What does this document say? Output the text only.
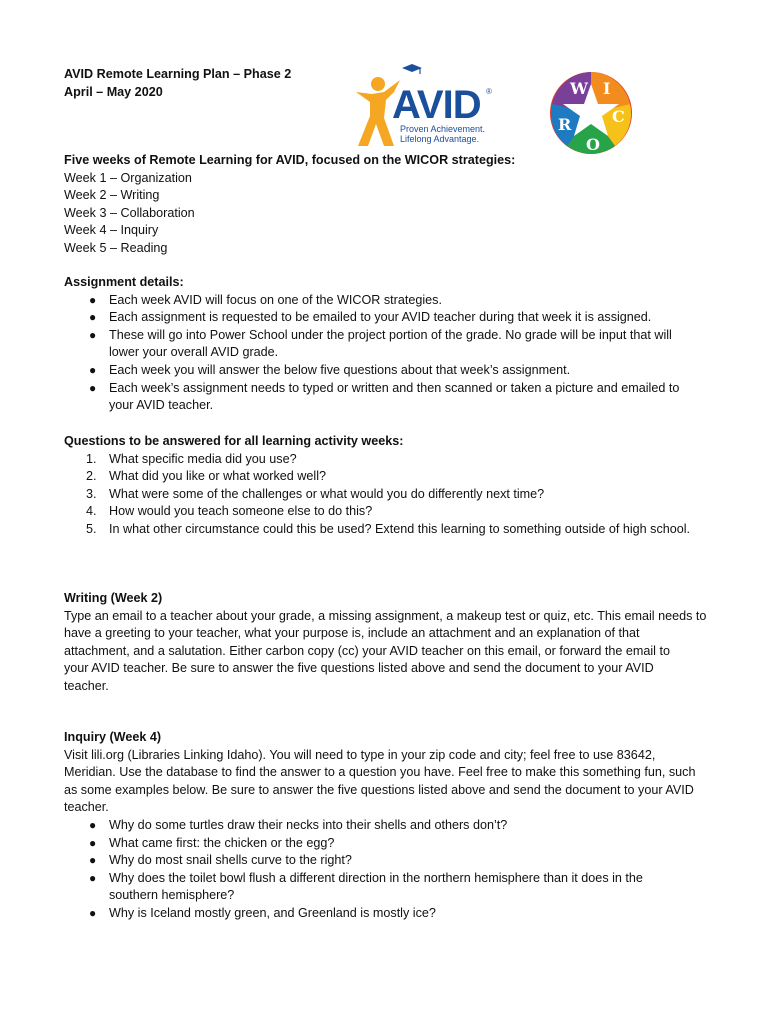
AVID Remote Learning Plan – Phase 2
April – May 2020	AVID ®
Proven Achievement.
Lifelong Advantage.
W I
C
O
R
Five weeks of Remote Learning for AVID, focused on the WICOR strategies:
Week 1 – Organization
Week 2 – Writing
Week 3 – Collaboration
Week 4 – Inquiry
Week 5 – Reading
Assignment details:
● Each week AVID will focus on one of the WICOR strategies.
● Each assignment is requested to be emailed to your AVID teacher during that week it is assigned.
● These will go into Power School under the project portion of the grade. No grade will be input that will
lower your overall AVID grade.
● Each week you will answer the below five questions about that week’s assignment.
● Each week’s assignment needs to typed or written and then scanned or taken a picture and emailed to
your AVID teacher.
Questions to be answered for all learning activity weeks:
1. What specific media did you use?
2. What did you like or what worked well?
3. What were some of the challenges or what would you do differently next time?
4. How would you teach someone else to do this?
5. In what other circumstance could this be used? Extend this learning to something outside of high school.
Writing (Week 2)
Type an email to a teacher about your grade, a missing assignment, a makeup test or quiz, etc. This email needs to
have a greeting to your teacher, what your purpose is, include an attachment and an explanation of that
attachment, and a salutation. Either carbon copy (cc) your AVID teacher on this email, or forward the email to
your AVID teacher. Be sure to answer the five questions listed above and send the document to your AVID
teacher.
Inquiry (Week 4)
Visit lili.org (Libraries Linking Idaho). You will need to type in your zip code and city; feel free to use 83642,
Meridian. Use the database to find the answer to a question you have. Feel free to make this something fun, such
as some examples below. Be sure to answer the five questions listed above and send the document to your AVID
teacher.
● Why do some turtles draw their necks into their shells and others don’t?
● What came first: the chicken or the egg?
● Why do most snail shells curve to the right?
● Why does the toilet bowl flush a different direction in the northern hemisphere than it does in the
southern hemisphere?
● Why is Iceland mostly green, and Greenland is mostly ice?
